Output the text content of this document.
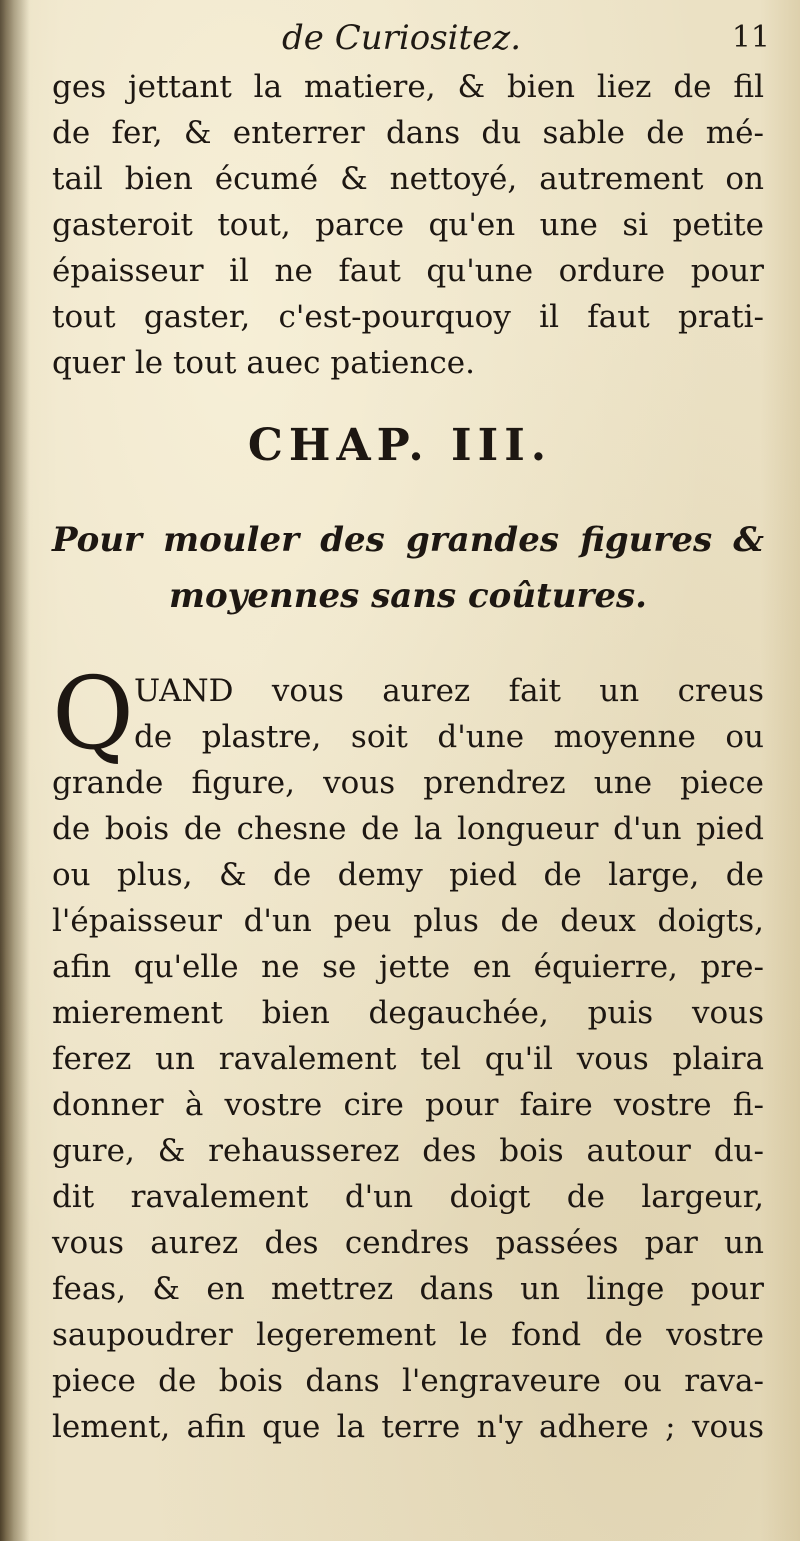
de Curiositez.	11
ges jettant la matiere, & bien liez de fil
de fer, & enterrer dans du sable de mé-
tail bien écumé & nettoyé, autrement on
gasteroit tout, parce qu'en une si petite
épaisseur il ne faut qu'une ordure pour
tout gaster, c'est-pourquoy il faut prati-
quer le tout auec patience.
CHAP. III.
Pour mouler des grandes figures &
moyennes sans coûtures.
Q UAND vous aurez fait un creus
de plastre, soit d'une moyenne ou
grande figure, vous prendrez une piece
de bois de chesne de la longueur d'un pied
ou plus, & de demy pied de large, de
l'épaisseur d'un peu plus de deux doigts,
afin qu'elle ne se jette en équierre, pre-
mierement bien degauchée, puis vous
ferez un ravalement tel qu'il vous plaira
donner à vostre cire pour faire vostre fi-
gure, & rehausserez des bois autour du-
dit ravalement d'un doigt de largeur,
vous aurez des cendres passées par un
feas, & en mettrez dans un linge pour
saupoudrer legerement le fond de vostre
piece de bois dans l'engraveure ou rava-
lement, afin que la terre n'y adhere ; vous
